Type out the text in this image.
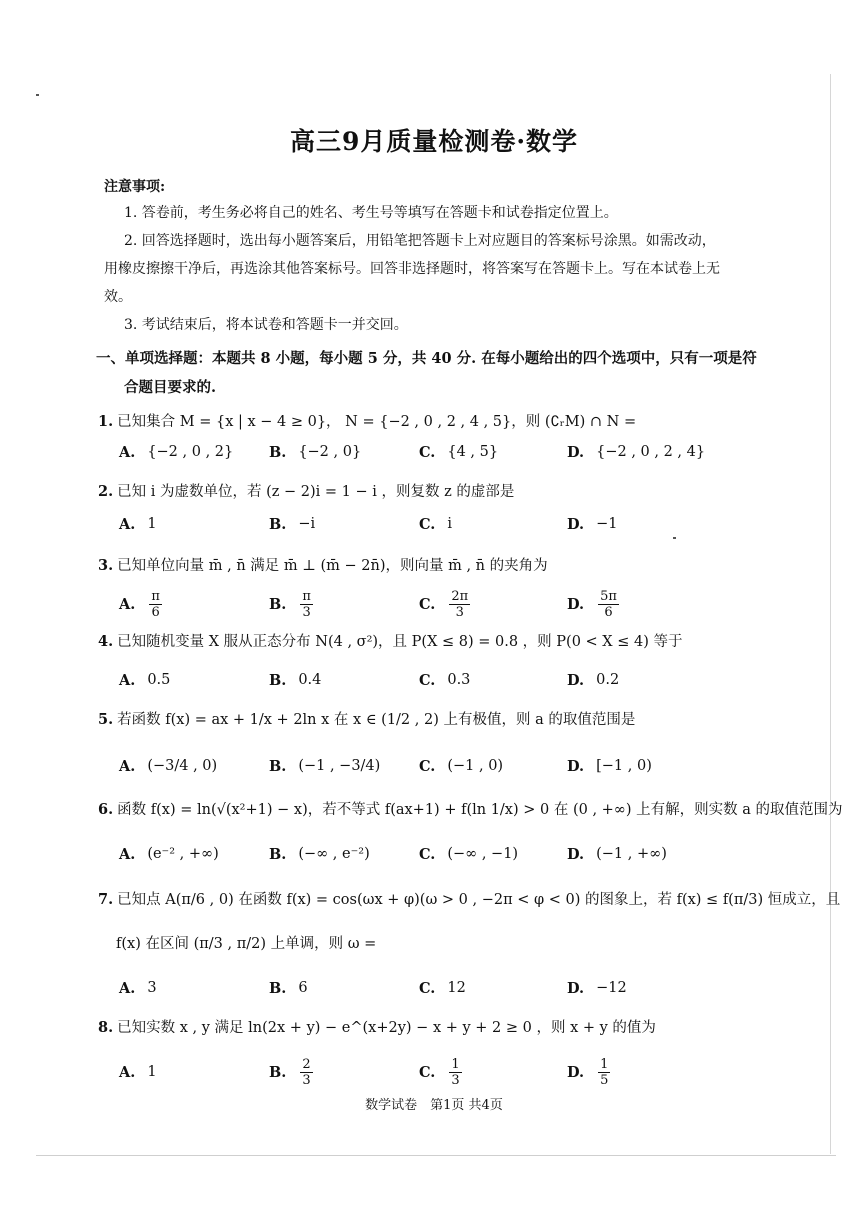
高三9月质量检测卷·数学
注意事项:
1. 答卷前，考生务必将自己的姓名、考生号等填写在答题卡和试卷指定位置上。
2. 回答选择题时，选出每小题答案后，用铅笔把答题卡上对应题目的答案标号涂黑。如需改动，
用橡皮擦擦干净后，再选涂其他答案标号。回答非选择题时，将答案写在答题卡上。写在本试卷上无
效。
3. 考试结束后，将本试卷和答题卡一并交回。
一、单项选择题：本题共 8 小题，每小题 5 分，共 40 分. 在每小题给出的四个选项中，只有一项是符
合题目要求的.
1. 已知集合 M = {x | x − 4 ≥ 0}， N = {−2 , 0 , 2 , 4 , 5}，则 (∁ᵣM) ∩ N =
A. {−2 , 0 , 2} B. {−2 , 0}	C. {4 , 5}	D. {−2 , 0 , 2 , 4}
2. 已知 i 为虚数单位，若 (z − 2)i = 1 − i ，则复数 z 的虚部是
A. 1	B. −i	C. i	D. −1
3. 已知单位向量 m̄ , n̄ 满足 m̄ ⊥ (m̄ − 2n̄)，则向量 m̄ , n̄ 的夹角为
A. $\frac{\pi}{6}$	B. $\frac{\pi}{3}$	C. $\frac{2\pi}{3}$	D. $\frac{5\pi}{6}$
4. 已知随机变量 X 服从正态分布 N(4 , σ²)，且 P(X ≤ 8) = 0.8 ，则 P(0 < X ≤ 4) 等于
A. 0.5	B. 0.4	C. 0.3	D. 0.2
5. 若函数 f(x) = ax + 1/x + 2ln x 在 x ∈ (1/2 , 2) 上有极值，则 a 的取值范围是
A. (−3/4 , 0)	B. (−1 , −3/4)	C. (−1 , 0)	D. [−1 , 0)
6. 函数 f(x) = ln(√(x²+1) − x)，若不等式 f(ax+1) + f(ln 1/x) > 0 在 (0 , +∞) 上有解，则实数 a 的取值范围为
A. (e⁻² , +∞)	B. (−∞ , e⁻²)	C. (−∞ , −1)	D. (−1 , +∞)
7. 已知点 A(π/6 , 0) 在函数 f(x) = cos(ωx + φ)(ω > 0 , −2π < φ < 0) 的图象上，若 f(x) ≤ f(π/3) 恒成立，且
f(x) 在区间 (π/3 , π/2) 上单调，则 ω =
A. 3	B. 6	C. 12	D. −12
8. 已知实数 x , y 满足 ln(2x + y) − e^(x+2y) − x + y + 2 ≥ 0 ，则 x + y 的值为
A. 1	B. $\frac{2}{3}$	C. $\frac{1}{3}$	D. $\frac{1}{5}$
数学试卷　第1页 共4页
